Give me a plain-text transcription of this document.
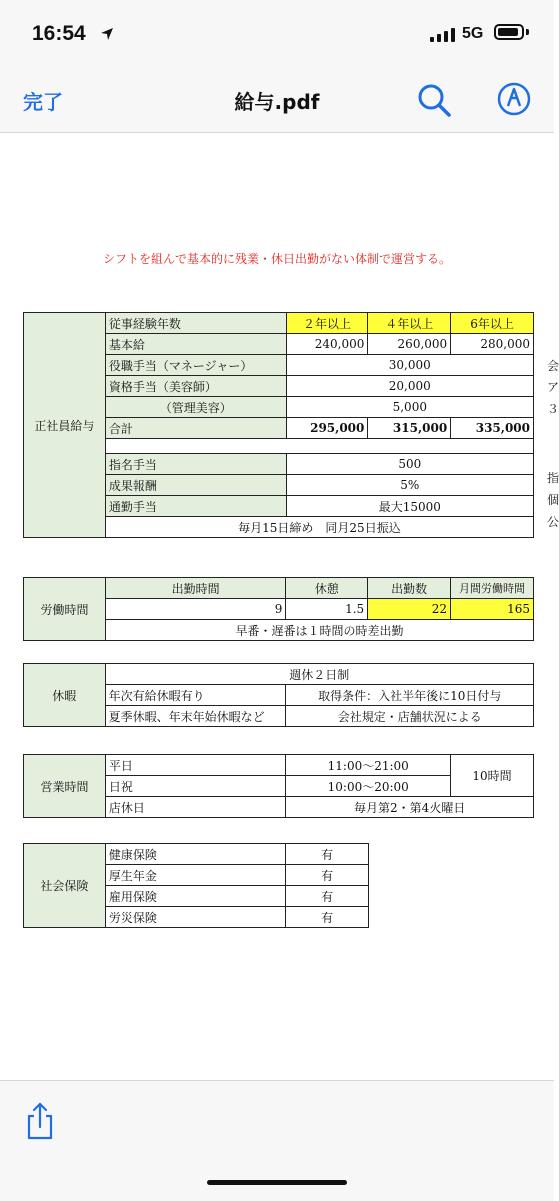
16:54	5G
完了	給与.pdf
シフトを組んで基本的に残業・休日出勤がない体制で運営する。
正社員給与	従事経験年数	２年以上	４年以上	6年以上
	基本給	240,000	260,000	280,000
	役職手当（マネージャー）	30,000		
	資格手当（美容師）	20,000		
	（管理美容）	5,000		
	合計	295,000	315,000	335,000

	指名手当	500		
	成果報酬	5%		
	通勤手当	最大15000		
	毎月15日締め　同月25日振込			
会
ア
３
指
個
公
労働時間	出勤時間	休憩	出勤数	月間労働時間
	9	1.5	22	165
	早番・遅番は１時間の時差出勤			
休暇	週休２日制	
	年次有給休暇有り	取得条件：入社半年後に10日付与
	夏季休暇、年末年始休暇など	会社規定・店舗状況による
営業時間	平日	11:00～21:00	10時間
	日祝	10:00～20:00	
	店休日	毎月第2・第4火曜日	
社会保険	健康保険	有
	厚生年金	有
	雇用保険	有
	労災保険	有
